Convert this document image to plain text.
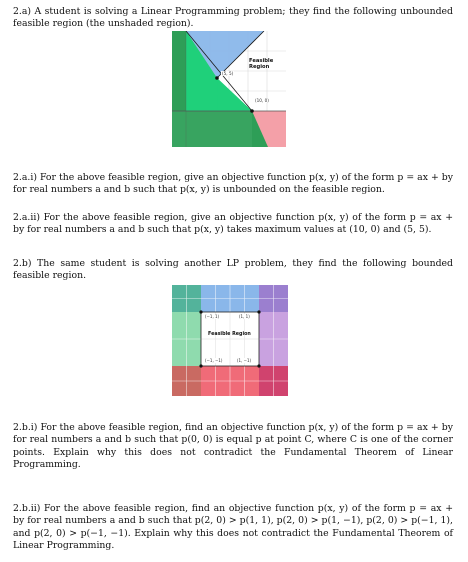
2.a) A student is solving a Linear Programming problem; they find the following unbounded feasible region (the unshaded region).

Feasible Region
(5, 5)
(10, 0)

2.a.i) For the above feasible region, give an objective function p(x, y) of the form p = ax + by for real numbers a and b such that p(x, y) is unbounded on the feasible region.

2.a.ii) For the above feasible region, give an objective function p(x, y) of the form p = ax + by for real numbers a and b such that p(x, y) takes maximum values at (10, 0) and (5, 5).

2.b) The same student is solving another LP problem, they find the following bounded feasible region.

(−1, 1)	(1, 1)
Feasible Region
(−1, −1)	(1, −1)

2.b.i) For the above feasible region, find an objective function p(x, y) of the form p = ax + by for real numbers a and b such that p(0, 0) is equal p at point C, where C is one of the corner points. Explain why this does not contradict the Fundamental Theorem of Linear Programming.

2.b.ii) For the above feasible region, find an objective function p(x, y) of the form p = ax + by for real numbers a and b such that p(2, 0) > p(1, 1), p(2, 0) > p(1, −1), p(2, 0) > p(−1, 1), and p(2, 0) > p(−1, −1). Explain why this does not contradict the Fundamental Theorem of Linear Programming.
